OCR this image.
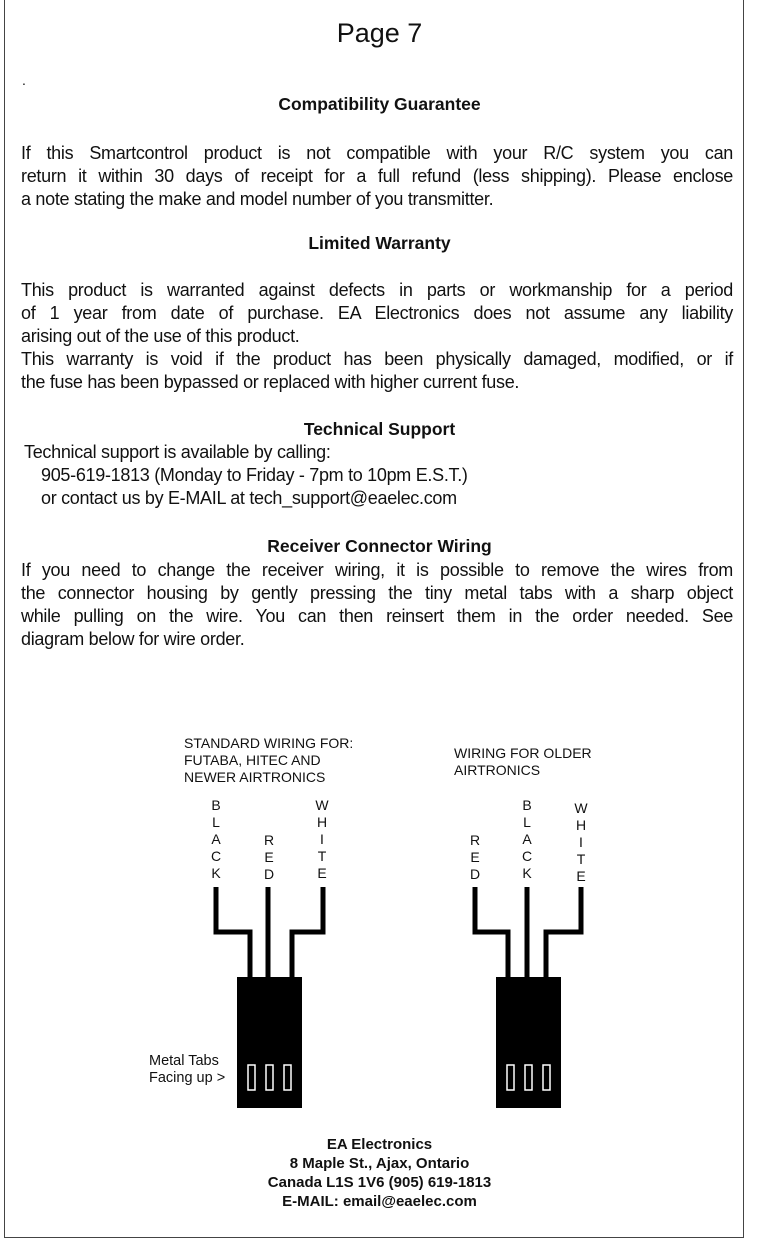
Page 7
.
Compatibility Guarantee
If this Smartcontrol product is not compatible with your R/C system you can
return it within 30 days of receipt for a full refund (less shipping). Please enclose
a note stating the make and model number of you transmitter.
Limited Warranty
This product is warranted against defects in parts or workmanship for a period
of 1 year from date of purchase. EA Electronics does not assume any liability
arising out of the use of this product.
This warranty is void if the product has been physically damaged, modified, or if
the fuse has been bypassed or replaced with higher current fuse.
Technical Support
Technical support is available by calling:
905-619-1813 (Monday to Friday - 7pm to 10pm E.S.T.)
or contact us by E-MAIL at tech_support@eaelec.com
Receiver Connector Wiring
If you need to change the receiver wiring, it is possible to remove the wires from
the connector housing by gently pressing the tiny metal tabs with a sharp object
while pulling on the wire. You can then reinsert them in the order needed. See
diagram below for wire order.
STANDARD WIRING FOR:
FUTABA, HITEC AND
NEWER AIRTRONICS
WIRING FOR OLDER
AIRTRONICS
B
L
A
C
K
R
E
D
W
H
I
T
E
R
E
D
B
L
A
C
K
W
H
I
T
E
Metal Tabs
Facing up >
EA Electronics
8 Maple St., Ajax, Ontario
Canada L1S 1V6 (905) 619-1813
E-MAIL: email@eaelec.com
